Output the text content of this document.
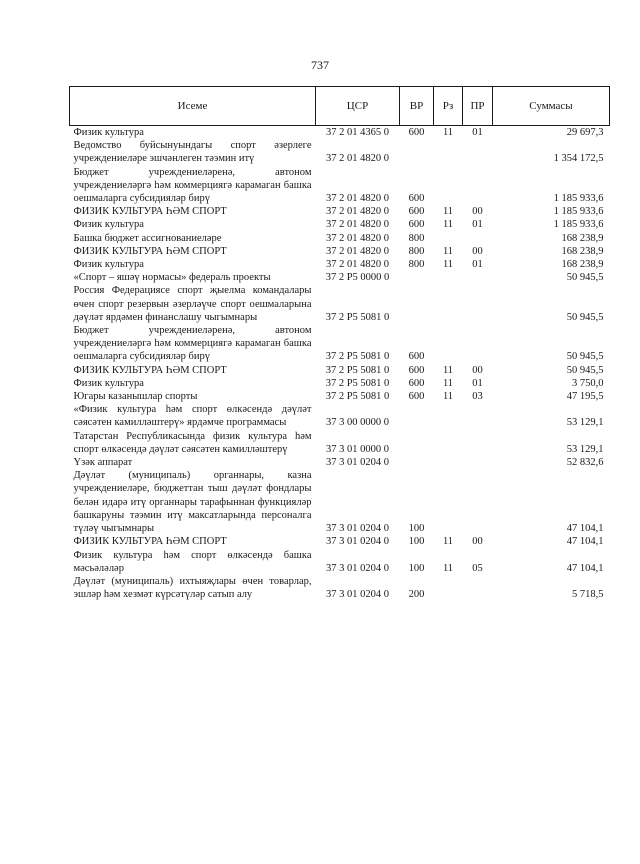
737
Исеме	ЦСР	ВР	Рз	ПР	Суммасы
Физик культура	37 2 01 4365 0	600	11	01	29 697,3
Ведомство буйсынуындагы спорт әзерлеге учреждениеләре эшчәнлеген тәэмин итү	37 2 01 4820 0				1 354 172,5
Бюджет учреждениеләренә, автоном учреждениеләргә һәм коммерциягә карамаган башка оешмаларга субсидияләр бирү	37 2 01 4820 0	600			1 185 933,6
ФИЗИК КУЛЬТУРА ҺӘМ СПОРТ	37 2 01 4820 0	600	11	00	1 185 933,6
Физик культура	37 2 01 4820 0	600	11	01	1 185 933,6
Башка бюджет ассигнованиеләре	37 2 01 4820 0	800			168 238,9
ФИЗИК КУЛЬТУРА ҺӘМ СПОРТ	37 2 01 4820 0	800	11	00	168 238,9
Физик культура	37 2 01 4820 0	800	11	01	168 238,9
«Спорт – яшәү нормасы» федераль проекты	37 2 P5 0000 0				50 945,5
Россия Федерациясе спорт җыелма командалары өчен спорт резервын әзерләүче спорт оешмаларына дәүләт ярдәмен финанслашу чыгымнары	37 2 P5 5081 0				50 945,5
Бюджет учреждениеләренә, автоном учреждениеләргә һәм коммерциягә карамаган башка оешмаларга субсидияләр бирү	37 2 P5 5081 0	600			50 945,5
ФИЗИК КУЛЬТУРА ҺӘМ СПОРТ	37 2 P5 5081 0	600	11	00	50 945,5
Физик культура	37 2 P5 5081 0	600	11	01	3 750,0
Югары казанышлар спорты	37 2 P5 5081 0	600	11	03	47 195,5
«Физик культура һәм спорт өлкәсендә дәүләт сәясәтен камилләштерү» ярдәмче программасы	37 3 00 0000 0				53 129,1
Татарстан Республикасында физик культура һәм спорт өлкәсендә дәүләт сәясәтен камилләштерү	37 3 01 0000 0				53 129,1
Үзәк аппарат	37 3 01 0204 0				52 832,6
Дәүләт (муниципаль) органнары, казна учреждениеләре, бюджеттан тыш дәүләт фондлары белән идарә итү органнары тарафыннан функцияләр башкаруны тәэмин итү максатларында персоналга түләү чыгымнары	37 3 01 0204 0	100			47 104,1
ФИЗИК КУЛЬТУРА ҺӘМ СПОРТ	37 3 01 0204 0	100	11	00	47 104,1
Физик культура һәм спорт өлкәсендә башка мәсьәләләр	37 3 01 0204 0	100	11	05	47 104,1
Дәүләт (муниципаль) ихтыяҗлары өчен товарлар, эшләр һәм хезмәт күрсәтүләр сатып алу	37 3 01 0204 0	200			5 718,5
